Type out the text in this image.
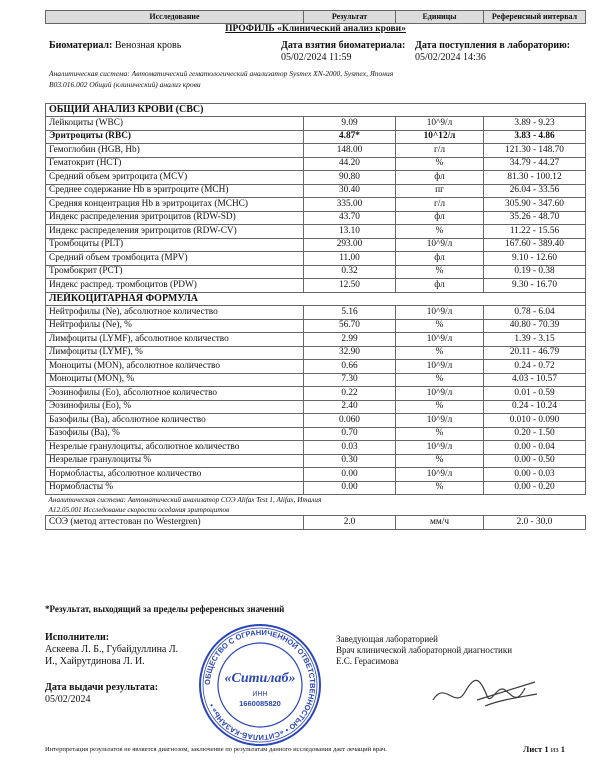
Исследование	Результат	Единицы	Референсный интервал
ПРОФИЛЬ «Клинический анализ крови»			

ОБЩИЙ АНАЛИЗ КРОВИ (CBC)			
Лейкоциты (WBC)	9.09	10^9/л	3.89 - 9.23
Эритроциты (RBC)	4.87*	10^12/л	3.83 - 4.86
Гемоглобин (HGB, Hb)	148.00	г/л	121.30 - 148.70
Гематокрит (HCT)	44.20	%	34.79 - 44.27
Средний объем эритроцита (MCV)	90.80	фл	81.30 - 100.12
Среднее содержание Hb в эритроците (MCH)	30.40	пг	26.04 - 33.56
Средняя концентрация Hb в эритроцитах (MCHC)	335.00	г/л	305.90 - 347.60
Индекс распределения эритроцитов (RDW-SD)	43.70	фл	35.26 - 48.70
Индекс распределения эритроцитов (RDW-CV)	13.10	%	11.22 - 15.56
Тромбоциты (PLT)	293.00	10^9/л	167.60 - 389.40
Средний объем тромбоцита (MPV)	11.00	фл	9.10 - 12.60
Тромбокрит (PCT)	0.32	%	0.19 - 0.38
Индекс распред. тромбоцитов (PDW)	12.50	фл	9.30 - 16.70
ЛЕЙКОЦИТАРНАЯ ФОРМУЛА			
Нейтрофилы (Ne), абсолютное количество	5.16	10^9/л	0.78 - 6.04
Нейтрофилы (Ne), %	56.70	%	40.80 - 70.39
Лимфоциты (LYMF), абсолютное количество	2.99	10^9/л	1.39 - 3.15
Лимфоциты (LYMF), %	32.90	%	20.11 - 46.79
Моноциты (MON), абсолютное количество	0.66	10^9/л	0.24 - 0.72
Моноциты (MON), %	7.30	%	4.03 - 10.57
Эозинофилы (Eo), абсолютное количество	0.22	10^9/л	0.01 - 0.59
Эозинофилы (Eo), %	2.40	%	0.24 - 10.24
Базофилы (Ba), абсолютное количество	0.060	10^9/л	0.010 - 0.090
Базофилы (Ba), %	0.70	%	0.20 - 1.50
Незрелые гранулоциты, абсолютное количество	0.03	10^9/л	0.00 - 0.04
Незрелые гранулоциты %	0.30	%	0.00 - 0.50
Нормобласты, абсолютное количество	0.00	10^9/л	0.00 - 0.03
Нормобласты %	0.00	%	0.00 - 0.20
Аналитическая система: Автоматический анализатор СОЭ Alifax Test 1, Alifax, Италия			
А12.05.001 Исследование скорости оседания эритроцитов			
СОЭ (метод аттестован по Westergren)	2.0	мм/ч	2.0 - 30.0
Биоматериал: Венозная кровь	Дата взятия биоматериала:
05/02/2024 11:59
Дата поступления в лабораторию:
05/02/2024 14:36
Аналитическая система: Автоматический гематологический анализатор Sysmex XN-2000, Sysmex, Япония
В03.016.002 Общий (клинический) анализ крови
*Результат, выходящий за пределы референсных значений
Исполнители:
Аскеева Л. Б., Губайдуллина Л.
И., Хайрутдинова Л. И.
Дата выдачи результата:
05/02/2024
Заведующая лабораторией
Врач клинической лабораторной диагностики
Е.С. Герасимова
ОБЩЕСТВО С ОГРАНИЧЕННОЙ ОТВЕТСТВЕННОСТЬЮ • «СИТИЛАБ-КАЗАНЬ» •
«Ситилаб»
ИНН
1660085820
Интерпретация результатов не является диагнозом, заключение по результатам данного исследования дает лечащий врач.	Лист 1 из 1
